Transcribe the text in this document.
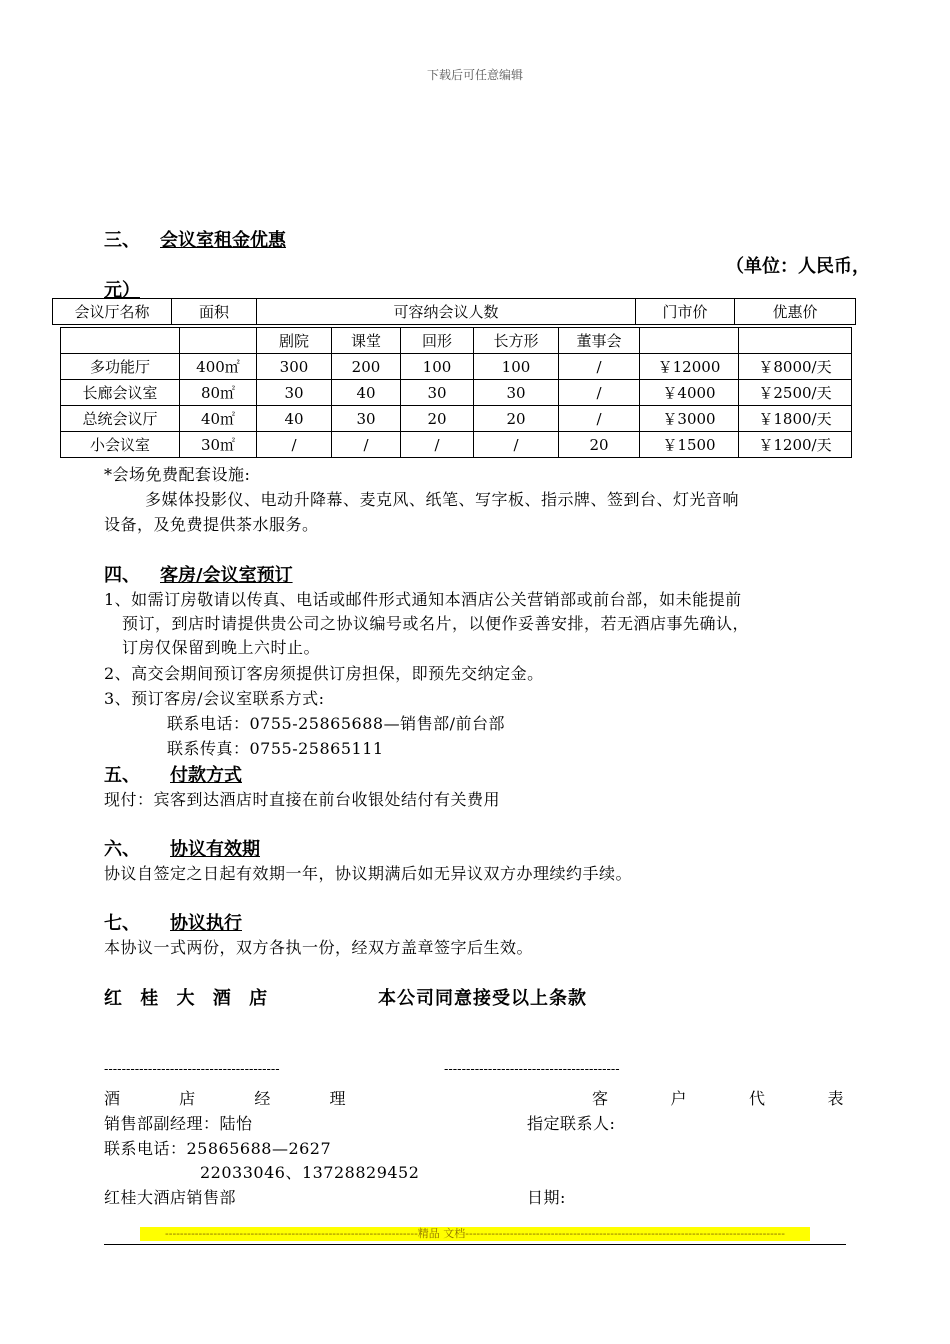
下载后可任意编辑
三、 会议室租金优惠
（单位：人民币，
元）
会议厅名称	面积	可容纳会议人数	门市价	优惠价
		剧院	课堂	回形	长方形	董事会		
多功能厅	400㎡	300	200	100	100	/	￥12000	￥8000/天
长廊会议室	80㎡	30	40	30	30	/	￥4000	￥2500/天
总统会议厅	40㎡	40	30	20	20	/	￥3000	￥1800/天
小会议室	30㎡	/	/	/	/	20	￥1500	￥1200/天
*会场免费配套设施:
多媒体投影仪、电动升降幕、麦克风、纸笔、写字板、指示牌、签到台、灯光音响
设备，及免费提供茶水服务。
四、 客房/会议室预订
1、如需订房敬请以传真、电话或邮件形式通知本酒店公关营销部或前台部，如未能提前
预订，到店时请提供贵公司之协议编号或名片，以便作妥善安排，若无酒店事先确认，
订房仅保留到晚上六时止。
2、高交会期间预订客房须提供订房担保，即预先交纳定金。
3、预订客房/会议室联系方式:
联系电话：0755-25865688—销售部/前台部
联系传真：0755-25865111
五、 付款方式
现付：宾客到达酒店时直接在前台收银处结付有关费用
六、 协议有效期
协议自签定之日起有效期一年，协议期满后如无异议双方办理续约手续。
七、 协议执行
本协议一式两份，双方各执一份，经双方盖章签字后生效。
红 桂 大 酒 店	本公司同意接受以上条款
----------------------------------------	----------------------------------------
酒	店	经	理	客	户	代	表
销售部副经理：陆怡	指定联系人:
联系电话：25865688—2627
22033046、13728829452
红桂大酒店销售部	日期:
--------------------------------------------------------------------精品 文档--------------------------------------------------------------------------------------
